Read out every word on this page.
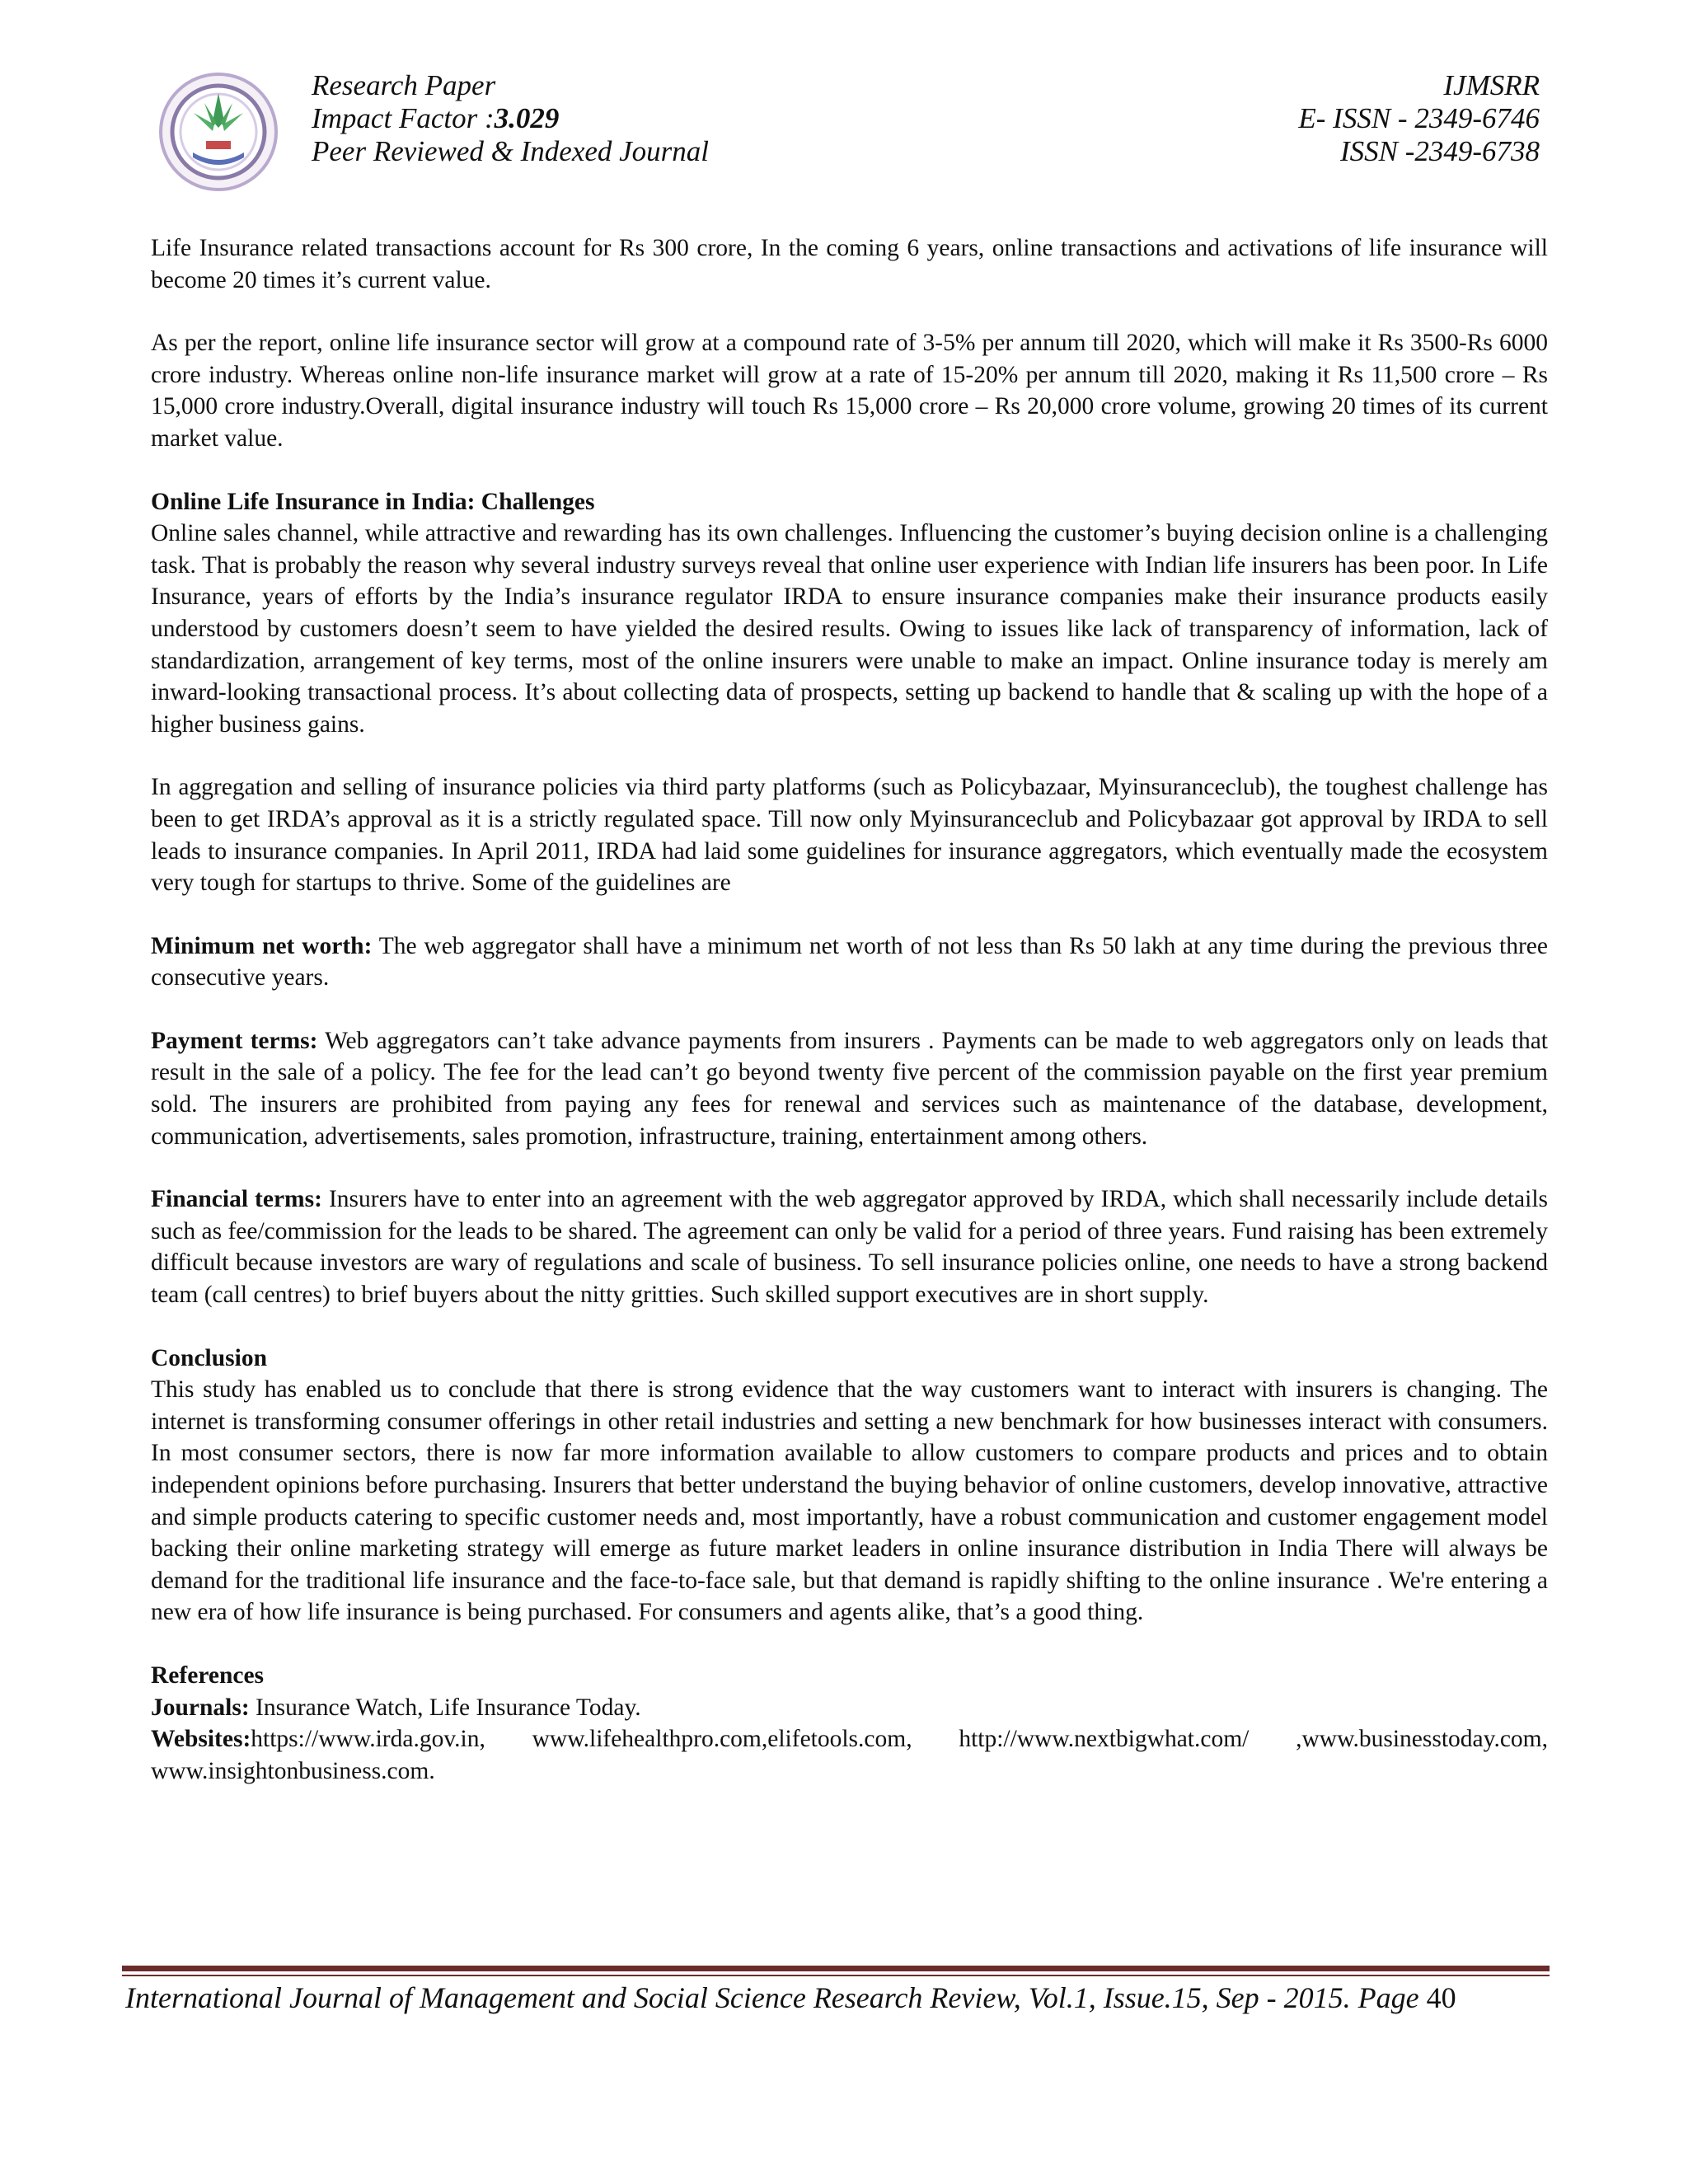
Research Paper
Impact Factor :3.029
Peer Reviewed & Indexed Journal
IJMSRR
E- ISSN - 2349-6746
ISSN -2349-6738

Life Insurance related transactions account for Rs 300 crore, In the coming 6 years, online transactions and activations of life insurance will become 20 times it’s current value.

As per the report, online life insurance sector will grow at a compound rate of 3-5% per annum till 2020, which will make it Rs 3500-Rs 6000 crore industry. Whereas online non-life insurance market will grow at a rate of 15-20% per annum till 2020, making it Rs 11,500 crore – Rs 15,000 crore industry.Overall, digital insurance industry will touch Rs 15,000 crore – Rs 20,000 crore volume, growing 20 times of its current market value.

Online Life Insurance in India: Challenges

Online sales channel, while attractive and rewarding has its own challenges. Influencing the customer’s buying decision online is a challenging task. That is probably the reason why several industry surveys reveal that online user experience with Indian life insurers has been poor. In Life Insurance, years of efforts by the India’s insurance regulator IRDA to ensure insurance companies make their insurance products easily understood by customers doesn’t seem to have yielded the desired results. Owing to issues like lack of transparency of information, lack of standardization, arrangement of key terms, most of the online insurers were unable to make an impact. Online insurance today is merely am inward-looking transactional process. It’s about collecting data of prospects, setting up backend to handle that & scaling up with the hope of a higher business gains.

In aggregation and selling of insurance policies via third party platforms (such as Policybazaar, Myinsuranceclub), the toughest challenge has been to get IRDA’s approval as it is a strictly regulated space. Till now only Myinsuranceclub and Policybazaar got approval by IRDA to sell leads to insurance companies. In April 2011, IRDA had laid some guidelines for insurance aggregators, which eventually made the ecosystem very tough for startups to thrive. Some of the guidelines are

Minimum net worth: The web aggregator shall have a minimum net worth of not less than Rs 50 lakh at any time during the previous three consecutive years.

Payment terms: Web aggregators can’t take advance payments from insurers . Payments can be made to web aggregators only on leads that result in the sale of a policy. The fee for the lead can’t go beyond twenty five percent of the commission payable on the first year premium sold. The insurers are prohibited from paying any fees for renewal and services such as maintenance of the database, development, communication, advertisements, sales promotion, infrastructure, training, entertainment among others.

Financial terms: Insurers have to enter into an agreement with the web aggregator approved by IRDA, which shall necessarily include details such as fee/commission for the leads to be shared. The agreement can only be valid for a period of three years. Fund raising has been extremely difficult because investors are wary of regulations and scale of business. To sell insurance policies online, one needs to have a strong backend team (call centres) to brief buyers about the nitty gritties. Such skilled support executives are in short supply.

Conclusion

This study has enabled us to conclude that there is strong evidence that the way customers want to interact with insurers is changing. The internet is transforming consumer offerings in other retail industries and setting a new benchmark for how businesses interact with consumers. In most consumer sectors, there is now far more information available to allow customers to compare products and prices and to obtain independent opinions before purchasing. Insurers that better understand the buying behavior of online customers, develop innovative, attractive and simple products catering to specific customer needs and, most importantly, have a robust communication and customer engagement model backing their online marketing strategy will emerge as future market leaders in online insurance distribution in India There will always be demand for the traditional life insurance and the face-to-face sale, but that demand is rapidly shifting to the online insurance . We're entering a new era of how life insurance is being purchased. For consumers and agents alike, that’s a good thing.

References

Journals: Insurance Watch, Life Insurance Today.

Websites:https://www.irda.gov.in, www.lifehealthpro.com,elifetools.com, http://www.nextbigwhat.com/ ,www.businesstoday.com, www.insightonbusiness.com.

International Journal of Management and Social Science Research Review, Vol.1, Issue.15, Sep - 2015. Page 40
